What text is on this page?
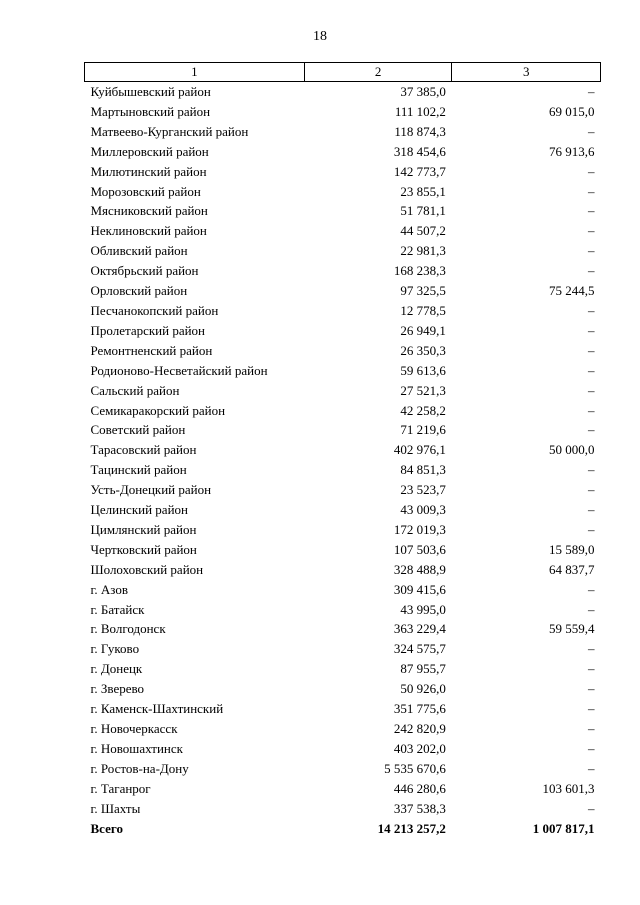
18
1	2	3
Куйбышевский район	37 385,0	–
Мартыновский район	111 102,2	69 015,0
Матвеево-Курганский район	118 874,3	–
Миллеровский район	318 454,6	76 913,6
Милютинский район	142 773,7	–
Морозовский район	23 855,1	–
Мясниковский район	51 781,1	–
Неклиновский район	44 507,2	–
Обливский район	22 981,3	–
Октябрьский район	168 238,3	–
Орловский район	97 325,5	75 244,5
Песчанокопский район	12 778,5	–
Пролетарский район	26 949,1	–
Ремонтненский район	26 350,3	–
Родионово-Несветайский район	59 613,6	–
Сальский район	27 521,3	–
Семикаракорский район	42 258,2	–
Советский район	71 219,6	–
Тарасовский район	402 976,1	50 000,0
Тацинский район	84 851,3	–
Усть-Донецкий район	23 523,7	–
Целинский район	43 009,3	–
Цимлянский район	172 019,3	–
Чертковский район	107 503,6	15 589,0
Шолоховский район	328 488,9	64 837,7
г. Азов	309 415,6	–
г. Батайск	43 995,0	–
г. Волгодонск	363 229,4	59 559,4
г. Гуково	324 575,7	–
г. Донецк	87 955,7	–
г. Зверево	50 926,0	–
г. Каменск-Шахтинский	351 775,6	–
г. Новочеркасск	242 820,9	–
г. Новошахтинск	403 202,0	–
г. Ростов-на-Дону	5 535 670,6	–
г. Таганрог	446 280,6	103 601,3
г. Шахты	337 538,3	–
Всего	14 213 257,2	1 007 817,1
